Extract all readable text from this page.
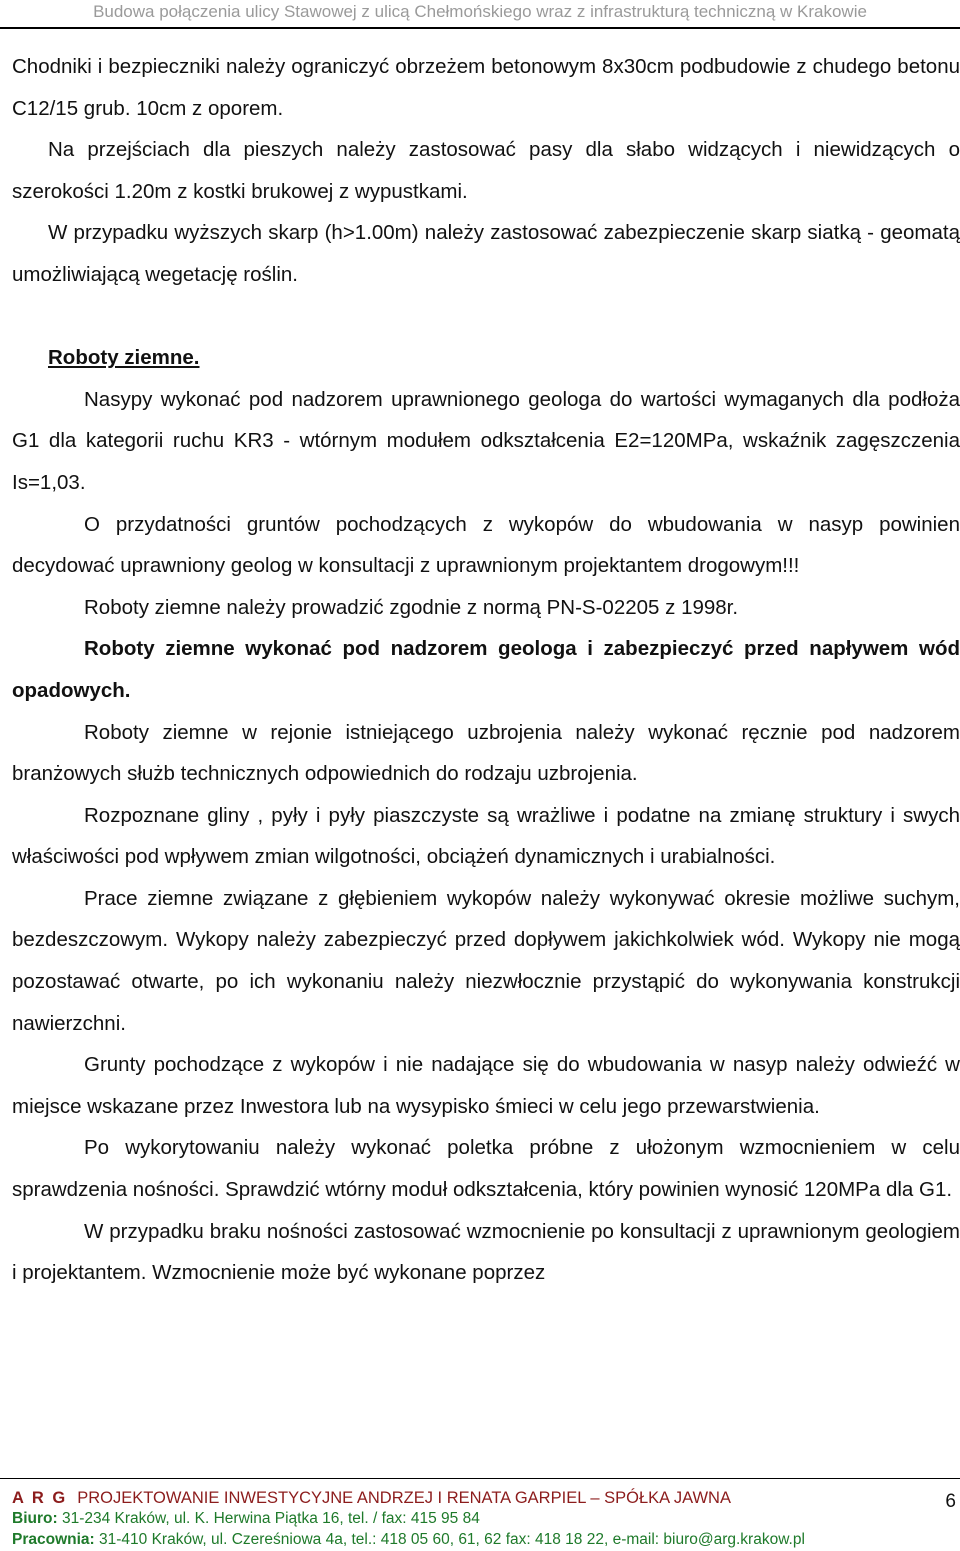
Budowa połączenia ulicy Stawowej z ulicą Chełmońskiego wraz z infrastrukturą techniczną w Krakowie

Chodniki i bezpieczniki należy ograniczyć obrzeżem betonowym 8x30cm podbudowie z chudego betonu C12/15 grub. 10cm z oporem.

Na przejściach dla pieszych należy zastosować pasy dla słabo widzących i niewidzących o szerokości 1.20m z kostki brukowej z wypustkami.

W przypadku wyższych skarp (h>1.00m) należy zastosować zabezpieczenie skarp siatką - geomatą umożliwiającą wegetację roślin.

Roboty ziemne.

Nasypy wykonać pod nadzorem uprawnionego geologa do wartości wymaganych dla podłoża G1 dla kategorii ruchu KR3 - wtórnym modułem odkształcenia E2=120MPa, wskaźnik zagęszczenia Is=1,03.

O przydatności gruntów pochodzących z wykopów do wbudowania w nasyp powinien decydować uprawniony geolog w konsultacji z uprawnionym projektantem drogowym!!!

Roboty ziemne należy prowadzić zgodnie z normą PN-S-02205 z 1998r.

Roboty ziemne wykonać pod nadzorem geologa i zabezpieczyć przed napływem wód opadowych.

Roboty ziemne w rejonie istniejącego uzbrojenia należy wykonać ręcznie pod nadzorem branżowych służb technicznych odpowiednich do rodzaju uzbrojenia.

Rozpoznane gliny , pyły i pyły piaszczyste są wrażliwe i podatne na zmianę struktury i swych właściwości pod wpływem zmian wilgotności, obciążeń dynamicznych i urabialności.

Prace ziemne związane z głębieniem wykopów należy wykonywać okresie możliwe suchym, bezdeszczowym. Wykopy należy zabezpieczyć przed dopływem jakichkolwiek wód. Wykopy nie mogą pozostawać otwarte, po ich wykonaniu należy niezwłocznie przystąpić do wykonywania konstrukcji nawierzchni.

Grunty pochodzące z wykopów i nie nadające się do wbudowania w nasyp należy odwieźć w miejsce wskazane przez Inwestora lub na wysypisko śmieci w celu jego przewarstwienia.

Po wykorytowaniu należy wykonać poletka próbne z ułożonym wzmocnieniem w celu sprawdzenia nośności. Sprawdzić wtórny moduł odkształcenia, który powinien wynosić 120MPa dla G1.

W przypadku braku nośności zastosować wzmocnienie po konsultacji z uprawnionym geologiem i projektantem. Wzmocnienie może być wykonane poprzez

A R G PROJEKTOWANIE INWESTYCYJNE ANDRZEJ I RENATA GARPIEL – SPÓŁKA JAWNA	6
Biuro: 31-234 Kraków, ul. K. Herwina Piątka 16, tel. / fax: 415 95 84
Pracownia: 31-410 Kraków, ul. Czereśniowa 4a, tel.: 418 05 60, 61, 62 fax: 418 18 22, e-mail: biuro@arg.krakow.pl
